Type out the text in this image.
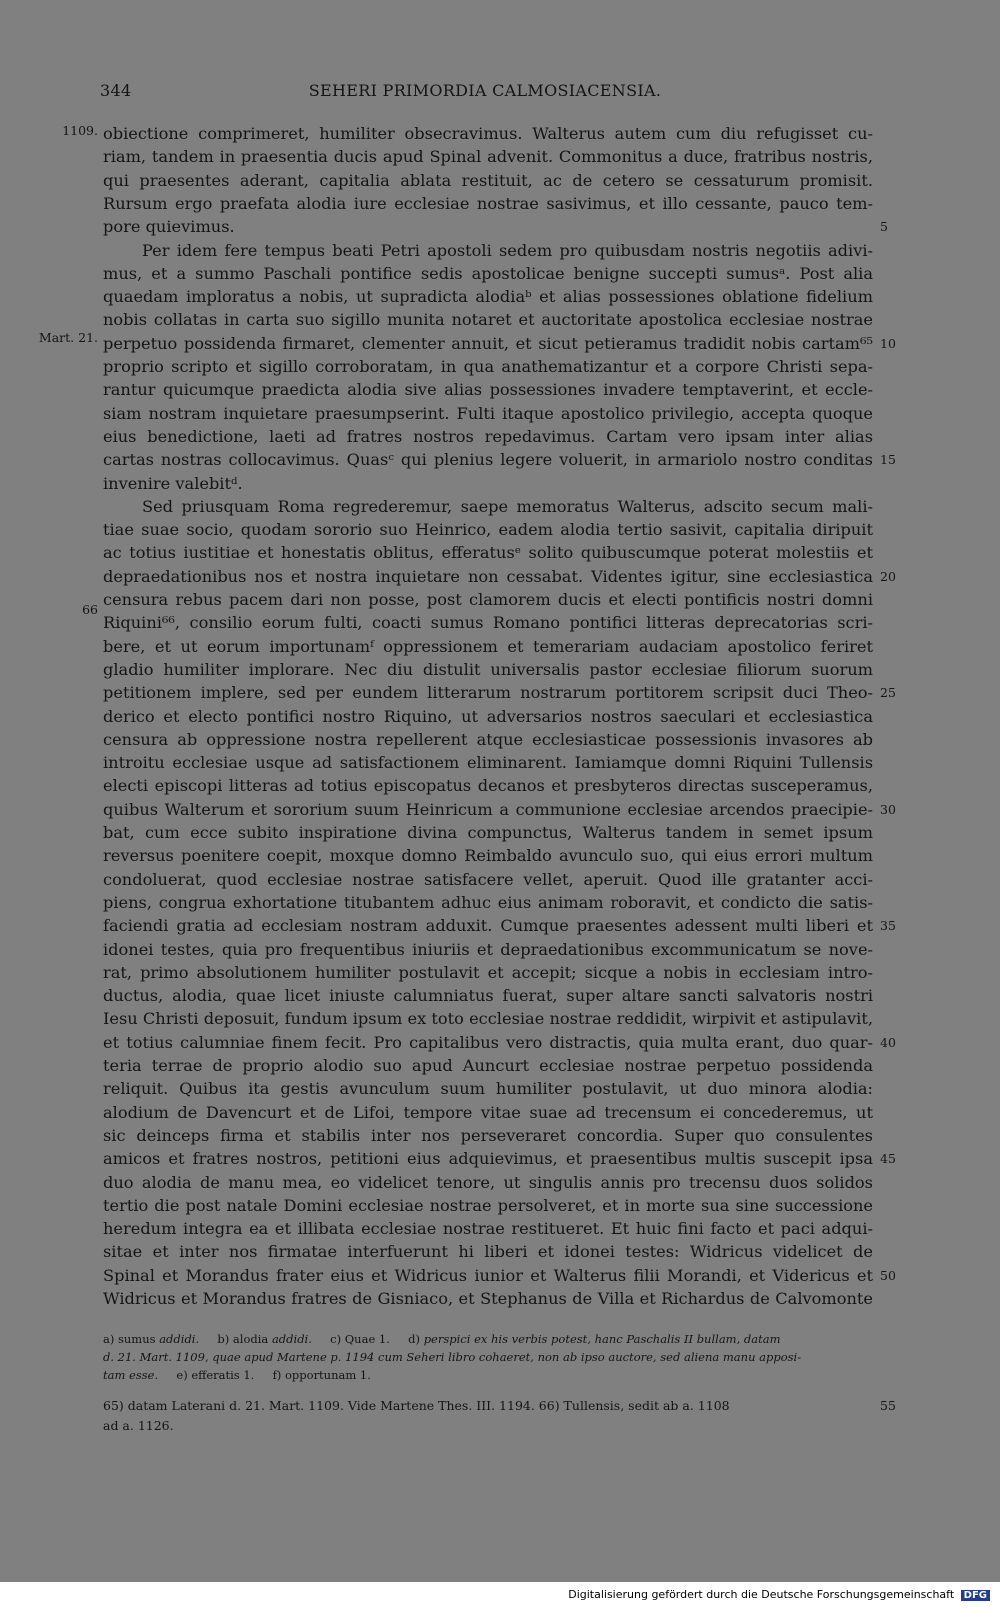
344	SEHERI PRIMORDIA CALMOSIACENSIA.
1109.
Mart. 21.
66
obiectione comprimeret, humiliter obsecravimus. Walterus autem cum diu refugisset cu-
riam, tandem in praesentia ducis apud Spinal advenit. Commonitus a duce, fratribus nostris,
qui praesentes aderant, capitalia ablata restituit, ac de cetero se cessaturum promisit.
Rursum ergo praefata alodia iure ecclesiae nostrae sasivimus, et illo cessante, pauco tem-
pore quievimus.
Per idem fere tempus beati Petri apostoli sedem pro quibusdam nostris negotiis adivi-
mus, et a summo Paschali pontifice sedis apostolicae benigne succepti sumusᵃ. Post alia
quaedam imploratus a nobis, ut supradicta alodiaᵇ et alias possessiones oblatione fidelium
nobis collatas in carta suo sigillo munita notaret et auctoritate apostolica ecclesiae nostrae
perpetuo possidenda firmaret, clementer annuit, et sicut petieramus tradidit nobis cartam⁶⁵
proprio scripto et sigillo corroboratam, in qua anathematizantur et a corpore Christi sepa-
rantur quicumque praedicta alodia sive alias possessiones invadere temptaverint, et eccle-
siam nostram inquietare praesumpserint. Fulti itaque apostolico privilegio, accepta quoque
eius benedictione, laeti ad fratres nostros repedavimus. Cartam vero ipsam inter alias
cartas nostras collocavimus. Quasᶜ qui plenius legere voluerit, in armariolo nostro conditas
invenire valebitᵈ.
Sed priusquam Roma regrederemur, saepe memoratus Walterus, adscito secum mali-
tiae suae socio, quodam sororio suo Heinrico, eadem alodia tertio sasivit, capitalia diripuit
ac totius iustitiae et honestatis oblitus, efferatusᵉ solito quibuscumque poterat molestiis et
depraedationibus nos et nostra inquietare non cessabat. Videntes igitur, sine ecclesiastica
censura rebus pacem dari non posse, post clamorem ducis et electi pontificis nostri domni
Riquini⁶⁶, consilio eorum fulti, coacti sumus Romano pontifici litteras deprecatorias scri-
bere, et ut eorum importunamᶠ oppressionem et temerariam audaciam apostolico feriret
gladio humiliter implorare. Nec diu distulit universalis pastor ecclesiae filiorum suorum
petitionem implere, sed per eundem litterarum nostrarum portitorem scripsit duci Theo-
derico et electo pontifici nostro Riquino, ut adversarios nostros saeculari et ecclesiastica
censura ab oppressione nostra repellerent atque ecclesiasticae possessionis invasores ab
introitu ecclesiae usque ad satisfactionem eliminarent. Iamiamque domni Riquini Tullensis
electi episcopi litteras ad totius episcopatus decanos et presbyteros directas susceperamus,
quibus Walterum et sororium suum Heinricum a communione ecclesiae arcendos praecipie-
bat, cum ecce subito inspiratione divina compunctus, Walterus tandem in semet ipsum
reversus poenitere coepit, moxque domno Reimbaldo avunculo suo, qui eius errori multum
condoluerat, quod ecclesiae nostrae satisfacere vellet, aperuit. Quod ille gratanter acci-
piens, congrua exhortatione titubantem adhuc eius animam roboravit, et condicto die satis-
faciendi gratia ad ecclesiam nostram adduxit. Cumque praesentes adessent multi liberi et
idonei testes, quia pro frequentibus iniuriis et depraedationibus excommunicatum se nove-
rat, primo absolutionem humiliter postulavit et accepit; sicque a nobis in ecclesiam intro-
ductus, alodia, quae licet iniuste calumniatus fuerat, super altare sancti salvatoris nostri
Iesu Christi deposuit, fundum ipsum ex toto ecclesiae nostrae reddidit, wirpivit et astipulavit,
et totius calumniae finem fecit. Pro capitalibus vero distractis, quia multa erant, duo quar-
teria terrae de proprio alodio suo apud Auncurt ecclesiae nostrae perpetuo possidenda
reliquit. Quibus ita gestis avunculum suum humiliter postulavit, ut duo minora alodia:
alodium de Davencurt et de Lifoi, tempore vitae suae ad trecensum ei concederemus, ut
sic deinceps firma et stabilis inter nos perseveraret concordia. Super quo consulentes
amicos et fratres nostros, petitioni eius adquievimus, et praesentibus multis suscepit ipsa
duo alodia de manu mea, eo videlicet tenore, ut singulis annis pro trecensu duos solidos
tertio die post natale Domini ecclesiae nostrae persolveret, et in morte sua sine successione
heredum integra ea et illibata ecclesiae nostrae restitueret. Et huic fini facto et paci adqui-
sitae et inter nos firmatae interfuerunt hi liberi et idonei testes: Widricus videlicet de
Spinal et Morandus frater eius et Widricus iunior et Walterus filii Morandi, et Videricus et
Widricus et Morandus fratres de Gisniaco, et Stephanus de Villa et Richardus de Calvomonte
5
10
15
20
25
30
35
40
45
50
a) sumus addidi. b) alodia addidi. c) Quae 1. d) perspici ex his verbis potest, hanc Paschalis II bullam, datam
d. 21. Mart. 1109, quae apud Martene p. 1194 cum Seheri libro cohaeret, non ab ipso auctore, sed aliena manu apposi-
tam esse. e) efferatis 1. f) opportunam 1.
65) datam Laterani d. 21. Mart. 1109. Vide Martene Thes. III. 1194. 66) Tullensis, sedit ab a. 1108	55
ad a. 1126.
Digitalisierung gefördert durch die Deutsche Forschungsgemeinschaft DFG
